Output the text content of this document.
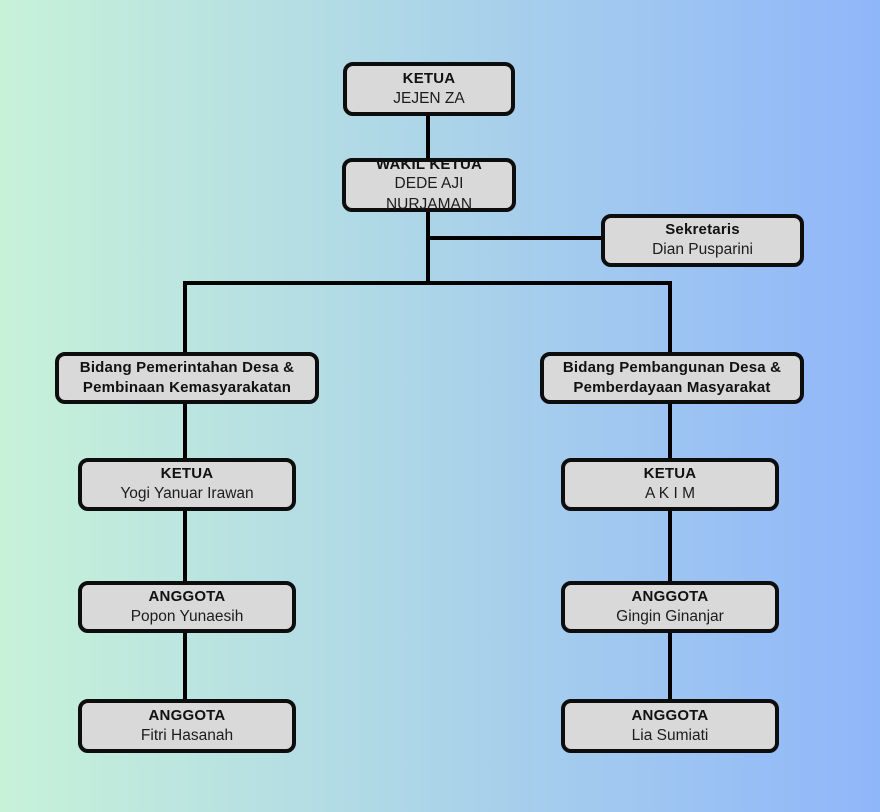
KETUA
JEJEN ZA
WAKIL KETUA
DEDE AJI NURJAMAN
Sekretaris
Dian Pusparini
Bidang Pemerintahan Desa &
Pembinaan Kemasyarakatan
KETUA
Yogi Yanuar Irawan
ANGGOTA
Popon Yunaesih
ANGGOTA
Fitri Hasanah
Bidang Pembangunan Desa &
Pemberdayaan Masyarakat
KETUA
A K I M
ANGGOTA
Gingin Ginanjar
ANGGOTA
Lia Sumiati
